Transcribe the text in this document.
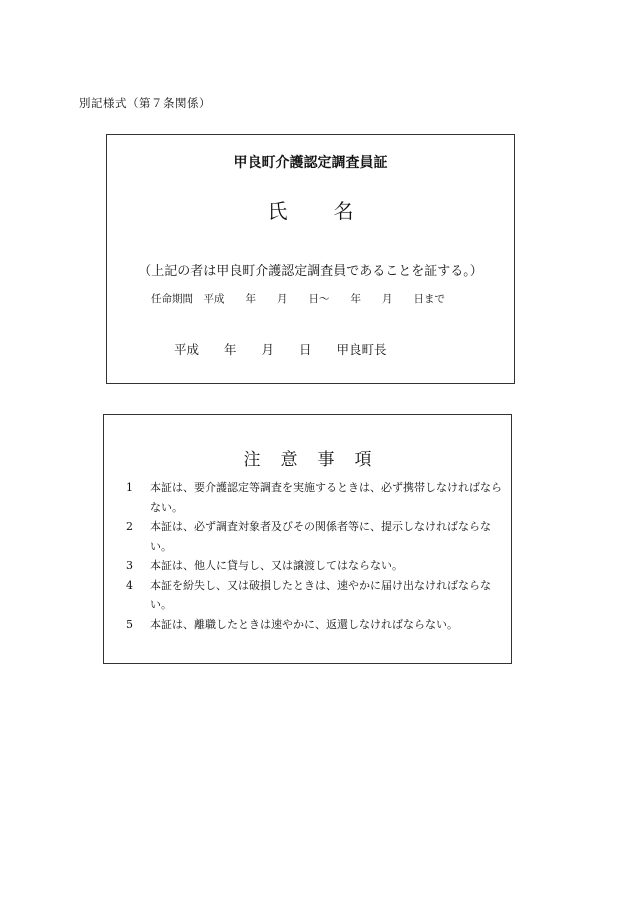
別記様式（第７条関係）
甲良町介護認定調査員証
氏 名
（上記の者は甲良町介護認定調査員であることを証する。）
任命期間　平成　　年　　月　　日～　　年　　月　　日まで
平成　　年　　月　　日　　甲良町長
注 意 事 項
1	本証は、要介護認定等調査を実施するときは、必ず携帯しなければならない。
2	本証は、必ず調査対象者及びその関係者等に、提示しなければならない。
3	本証は、他人に貸与し、又は譲渡してはならない。
4	本証を紛失し、又は破損したときは、速やかに届け出なければならない。
5	本証は、離職したときは速やかに、返還しなければならない。
